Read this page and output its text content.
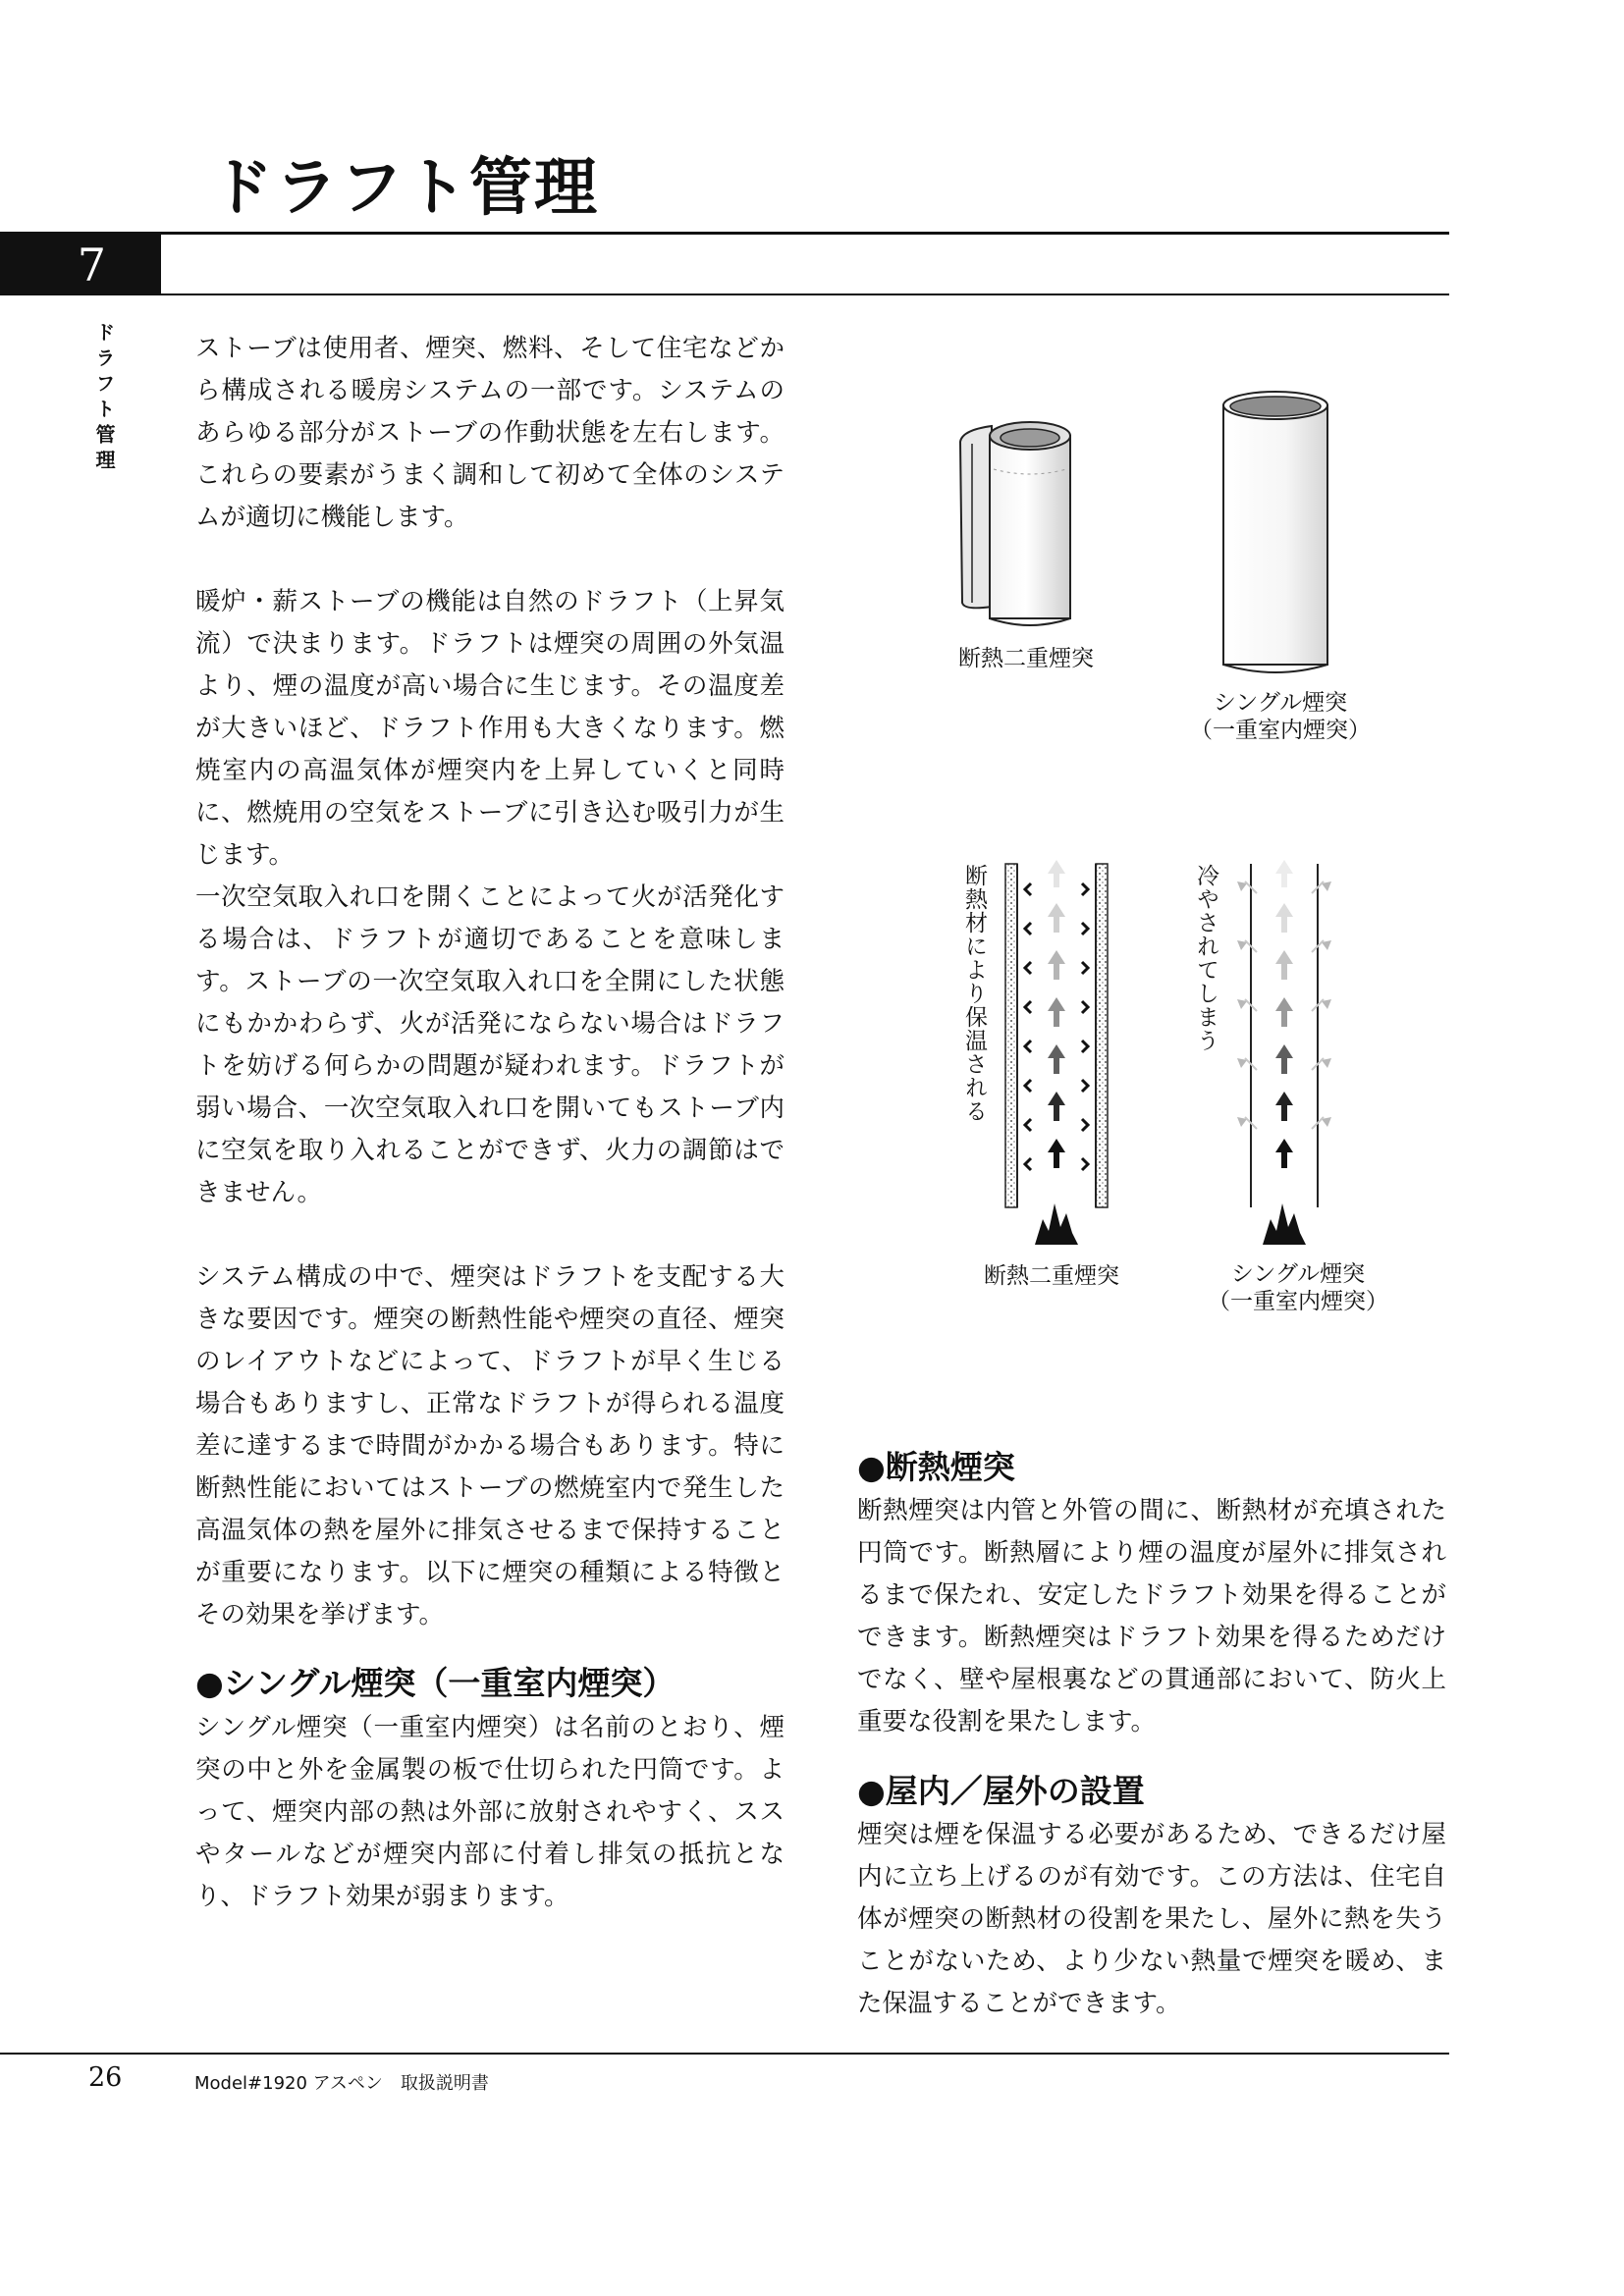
ドラフト管理
7
ドラフト管理	ストーブは使用者、煙突、燃料、そして住宅などから構成される暖房システムの一部です。システムのあらゆる部分がストーブの作動状態を左右します。これらの要素がうまく調和して初めて全体のシステムが適切に機能します。

暖炉・薪ストーブの機能は自然のドラフト（上昇気流）で決まります。ドラフトは煙突の周囲の外気温より、煙の温度が高い場合に生じます。その温度差が大きいほど、ドラフト作用も大きくなります。燃焼室内の高温気体が煙突内を上昇していくと同時に、燃焼用の空気をストーブに引き込む吸引力が生じます。

一次空気取入れ口を開くことによって火が活発化する場合は、ドラフトが適切であることを意味します。ストーブの一次空気取入れ口を全開にした状態にもかかわらず、火が活発にならない場合はドラフトを妨げる何らかの問題が疑われます。ドラフトが弱い場合、一次空気取入れ口を開いてもストーブ内に空気を取り入れることができず、火力の調節はできません。

システム構成の中で、煙突はドラフトを支配する大きな要因です。煙突の断熱性能や煙突の直径、煙突のレイアウトなどによって、ドラフトが早く生じる場合もありますし、正常なドラフトが得られる温度差に達するまで時間がかかる場合もあります。特に断熱性能においてはストーブの燃焼室内で発生した高温気体の熱を屋外に排気させるまで保持することが重要になります。以下に煙突の種類による特徴とその効果を挙げます。

●シングル煙突（一重室内煙突）

シングル煙突（一重室内煙突）は名前のとおり、煙突の中と外を金属製の板で仕切られた円筒です。よって、煙突内部の熱は外部に放射されやすく、ススやタールなどが煙突内部に付着し排気の抵抗となり、ドラフト効果が弱まります。

断熱二重煙突
シングル煙突
（一重室内煙突）
断熱材により保温される	冷やされてしまう
断熱二重煙突	シングル煙突
（一重室内煙突）
●断熱煙突

断熱煙突は内管と外管の間に、断熱材が充填された円筒です。断熱層により煙の温度が屋外に排気されるまで保たれ、安定したドラフト効果を得ることができます。断熱煙突はドラフト効果を得るためだけでなく、壁や屋根裏などの貫通部において、防火上重要な役割を果たします。

●屋内／屋外の設置

煙突は煙を保温する必要があるため、できるだけ屋内に立ち上げるのが有効です。この方法は、住宅自体が煙突の断熱材の役割を果たし、屋外に熱を失うことがないため、より少ない熱量で煙突を暖め、また保温することができます。

26	Model#1920 アスペン　取扱説明書
